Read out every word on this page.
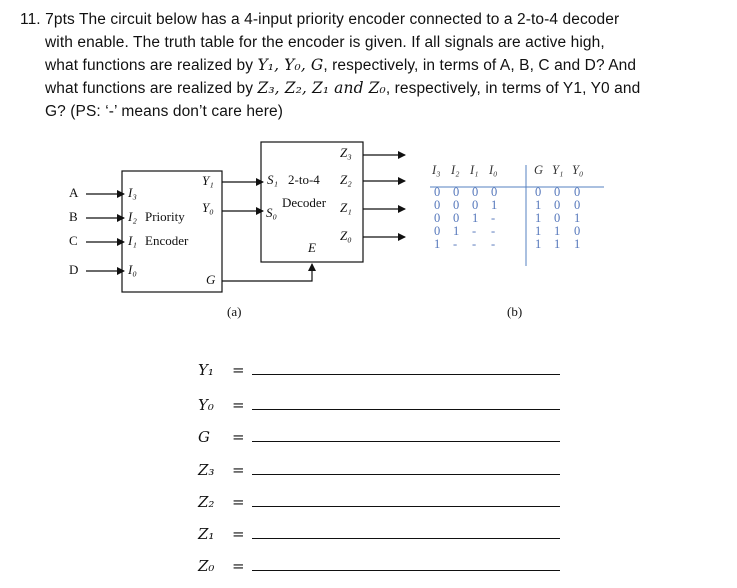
11. 7pts The circuit below has a 4-input priority encoder connected to a 2-to-4 decoder
with enable. The truth table for the encoder is given. If all signals are active high,
what functions are realized by Y₁, Y₀, G, respectively, in terms of A, B, C and D? And
what functions are realized by Z₃, Z₂, Z₁ and Z₀, respectively, in terms of Y1, Y0 and
G? (PS: ‘-’ means don’t care here)
A
B
C
D
I₃
I₂ Priority
I₁ Encoder
I₀
Y₁
Y₀
G
S₁ 2-to-4
Decoder
S₀
Z₃
Z₂
Z₁
Z₀
E
(a)
I₃ I₂ I₁ I₀	G Y₁ Y₀
0 0 0 0	0 0 0
0 0 0 1	1 0 0
0 0 1 -	1 0 1
0 1 - -	1 1 0
1 - - -	1 1 1
(b)
Y₁	=
Y₀	=
G	=
Z₃	=
Z₂	=
Z₁	=
Z₀	=
